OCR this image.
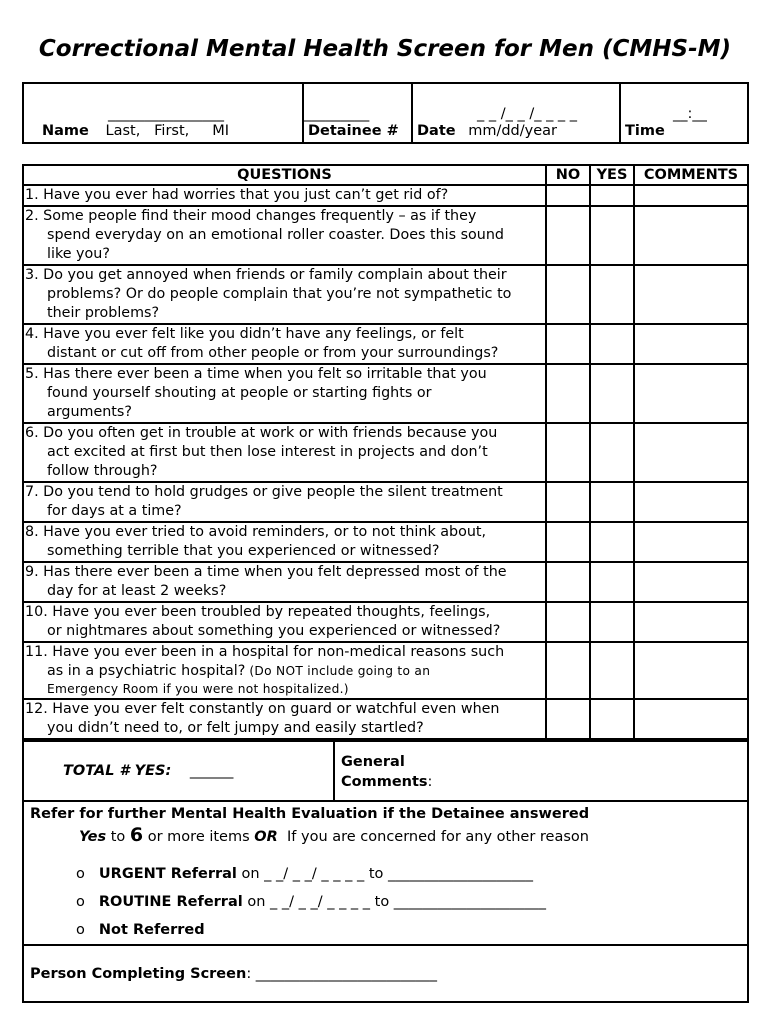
Correctional Mental Health Screen for Men (CMHS-M)
________________
Name Last,   First,     MI	
_________
Detainee #	
_ _ /_ _ /_ _ _ _
Date mm/dd/year	
__:__
Time
QUESTIONS	NO	YES	COMMENTS

1. Have you ever had worries that you just can’t get rid of?			

2. Some people find their mood changes frequently – as if they
spend everyday on an emotional roller coaster. Does this sound
like you?			

3. Do you get annoyed when friends or family complain about their
problems? Or do people complain that you’re not sympathetic to
their problems?			

4. Have you ever felt like you didn’t have any feelings, or felt
distant or cut off from other people or from your surroundings?			

5. Has there ever been a time when you felt so irritable that you
found yourself shouting at people or starting fights or
arguments?			

6. Do you often get in trouble at work or with friends because you
act excited at first but then lose interest in projects and don’t
follow through?			

7. Do you tend to hold grudges or give people the silent treatment
for days at a time?			

8. Have you ever tried to avoid reminders, or to not think about,
something terrible that you experienced or witnessed?			

9. Has there ever been a time when you felt depressed most of the
day for at least 2 weeks?			

10. Have you ever been troubled by repeated thoughts, feelings,
or nightmares about something you experienced or witnessed?			

11. Have you ever been in a hospital for non-medical reasons such
as in a psychiatric hospital? (Do NOT include going to an
Emergency Room if you were not hospitalized.)			

12. Have you ever felt constantly on guard or watchful even when
you didn’t need to, or felt jumpy and easily startled?			

TOTAL # YES: ______	
General
Comments:

Refer for further Mental Health Evaluation if the Detainee answered
Yes to 6 or more items OR  If you are concerned for any other reason
o URGENT Referral on _ _/ _ _/ _ _ _ _ to ____________________
o ROUTINE Referral on _ _/ _ _/ _ _ _ _ to _____________________
o Not Referred

Person Completing Screen: _________________________
